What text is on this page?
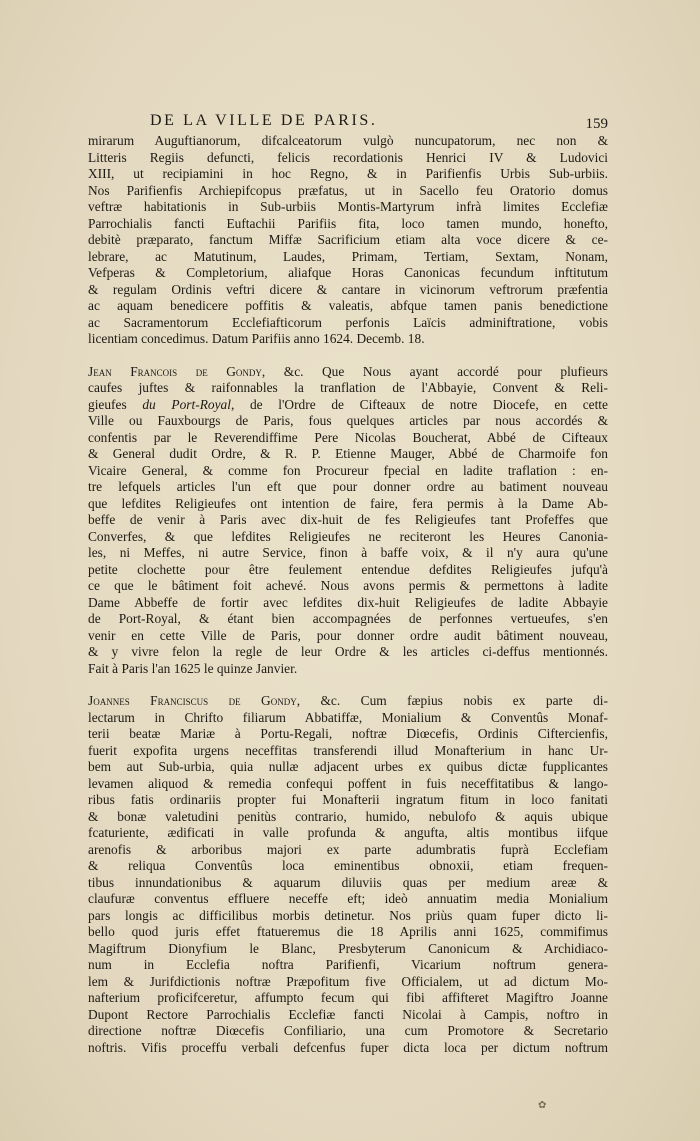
DE LA VILLE DE PARIS.	159
mirarum Auguftianorum, difcalceatorum vulgò nuncupatorum, nec non &
Litteris Regiis defuncti, felicis recordationis Henrici IV & Ludovici
XIII, ut recipiamini in hoc Regno, & in Parifienfis Urbis Sub-urbiis.
Nos Parifienfis Archiepifcopus præfatus, ut in Sacello feu Oratorio domus
veftræ habitationis in Sub-urbiis Montis-Martyrum infrà limites Ecclefiæ
Parrochialis fancti Euftachii Parifiis fita, loco tamen mundo, honefto,
debitè præparato, fanctum Miffæ Sacrificium etiam alta voce dicere & ce-
lebrare, ac Matutinum, Laudes, Primam, Tertiam, Sextam, Nonam,
Vefperas & Completorium, aliafque Horas Canonicas fecundum inftitutum
& regulam Ordinis veftri dicere & cantare in vicinorum veftrorum præfentia
ac aquam benedicere poffitis & valeatis, abfque tamen panis benedictione
ac Sacramentorum Ecclefiafticorum perfonis Laïcis adminiftratione, vobis
licentiam concedimus. Datum Parifiis anno 1624. Decemb. 18.
Jean Francois de Gondy, &c. Que Nous ayant accordé pour plufieurs
caufes juftes & raifonnables la tranflation de l'Abbayie, Convent & Reli-
gieufes du Port-Royal, de l'Ordre de Cifteaux de notre Diocefe, en cette
Ville ou Fauxbourgs de Paris, fous quelques articles par nous accordés &
confentis par le Reverendiffime Pere Nicolas Boucherat, Abbé de Cifteaux
& General dudit Ordre, & R. P. Etienne Mauger, Abbé de Charmoife fon
Vicaire General, & comme fon Procureur fpecial en ladite traflation : en-
tre lefquels articles l'un eft que pour donner ordre au batiment nouveau
que lefdites Religieufes ont intention de faire, fera permis à la Dame Ab-
beffe de venir à Paris avec dix-huit de fes Religieufes tant Profeffes que
Converfes, & que lefdites Religieufes ne reciteront les Heures Canonia-
les, ni Meffes, ni autre Service, finon à baffe voix, & il n'y aura qu'une
petite clochette pour être feulement entendue defdites Religieufes jufqu'à
ce que le bâtiment foit achevé. Nous avons permis & permettons à ladite
Dame Abbeffe de fortir avec lefdites dix-huit Religieufes de ladite Abbayie
de Port-Royal, & étant bien accompagnées de perfonnes vertueufes, s'en
venir en cette Ville de Paris, pour donner ordre audit bâtiment nouveau,
& y vivre felon la regle de leur Ordre & les articles ci-deffus mentionnés.
Fait à Paris l'an 1625 le quinze Janvier.
Joannes Franciscus de Gondy, &c. Cum fæpius nobis ex parte di-
lectarum in Chrifto filiarum Abbatiffæ, Monialium & Conventûs Monaf-
terii beatæ Mariæ à Portu-Regali, noftræ Diœcefis, Ordinis Ciftercienfis,
fuerit expofita urgens neceffitas transferendi illud Monafterium in hanc Ur-
bem aut Sub-urbia, quia nullæ adjacent urbes ex quibus dictæ fupplicantes
levamen aliquod & remedia confequi poffent in fuis neceffitatibus & lango-
ribus fatis ordinariis propter fui Monafterii ingratum fitum in loco fanitati
& bonæ valetudini penitùs contrario, humido, nebulofo & aquis ubique
fcaturiente, ædificati in valle profunda & angufta, altis montibus iifque
arenofis & arboribus majori ex parte adumbratis fuprà Ecclefiam
& reliqua Conventûs loca eminentibus obnoxii, etiam frequen-
tibus innundationibus & aquarum diluviis quas per medium areæ &
claufuræ conventus effluere neceffe eft; ideò annuatim media Monialium
pars longis ac difficilibus morbis detinetur. Nos priùs quam fuper dicto li-
bello quod juris effet ftatueremus die 18 Aprilis anni 1625, commifimus
Magiftrum Dionyfium le Blanc, Presbyterum Canonicum & Archidiaco-
num in Ecclefia noftra Parifienfi, Vicarium noftrum genera-
lem & Jurifdictionis noftræ Præpofitum five Officialem, ut ad dictum Mo-
nafterium proficifceretur, affumpto fecum qui fibi affifteret Magiftro Joanne
Dupont Rectore Parrochialis Ecclefiæ fancti Nicolai à Campis, noftro in
directione noftræ Diœcefis Confiliario, una cum Promotore & Secretario
noftris. Vifis proceffu verbali defcenfus fuper dicta loca per dictum noftrum
✿
